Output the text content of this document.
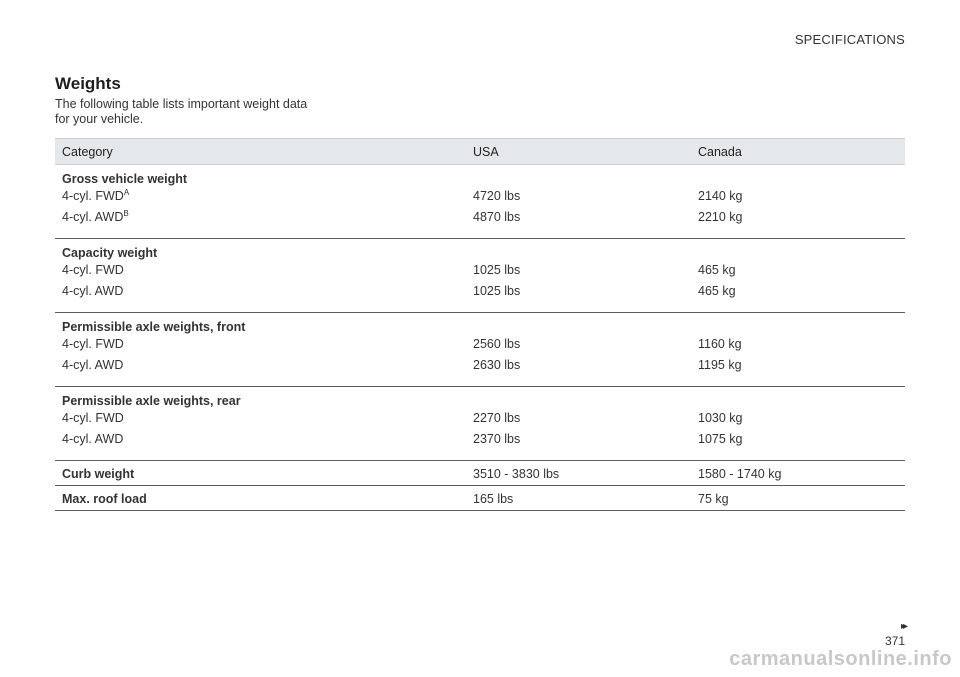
SPECIFICATIONS
Weights

The following table lists important weight data for your vehicle.

Category	USA	Canada
Gross vehicle weight		
4-cyl. $FWD^A$	4720 lbs	2140 kg
4-cyl. $AWD^B$	4870 lbs	2210 kg
Capacity weight		
4-cyl. FWD	1025 lbs	465 kg
4-cyl. AWD	1025 lbs	465 kg
Permissible axle weights, front		
4-cyl. FWD	2560 lbs	1160 kg
4-cyl. AWD	2630 lbs	1195 kg
Permissible axle weights, rear		
4-cyl. FWD	2270 lbs	1030 kg
4-cyl. AWD	2370 lbs	1075 kg
Curb weight	3510 - 3830 lbs	1580 - 1740 kg
Max. roof load	165 lbs	75 kg
▸▸
371
carmanualsonline.info
